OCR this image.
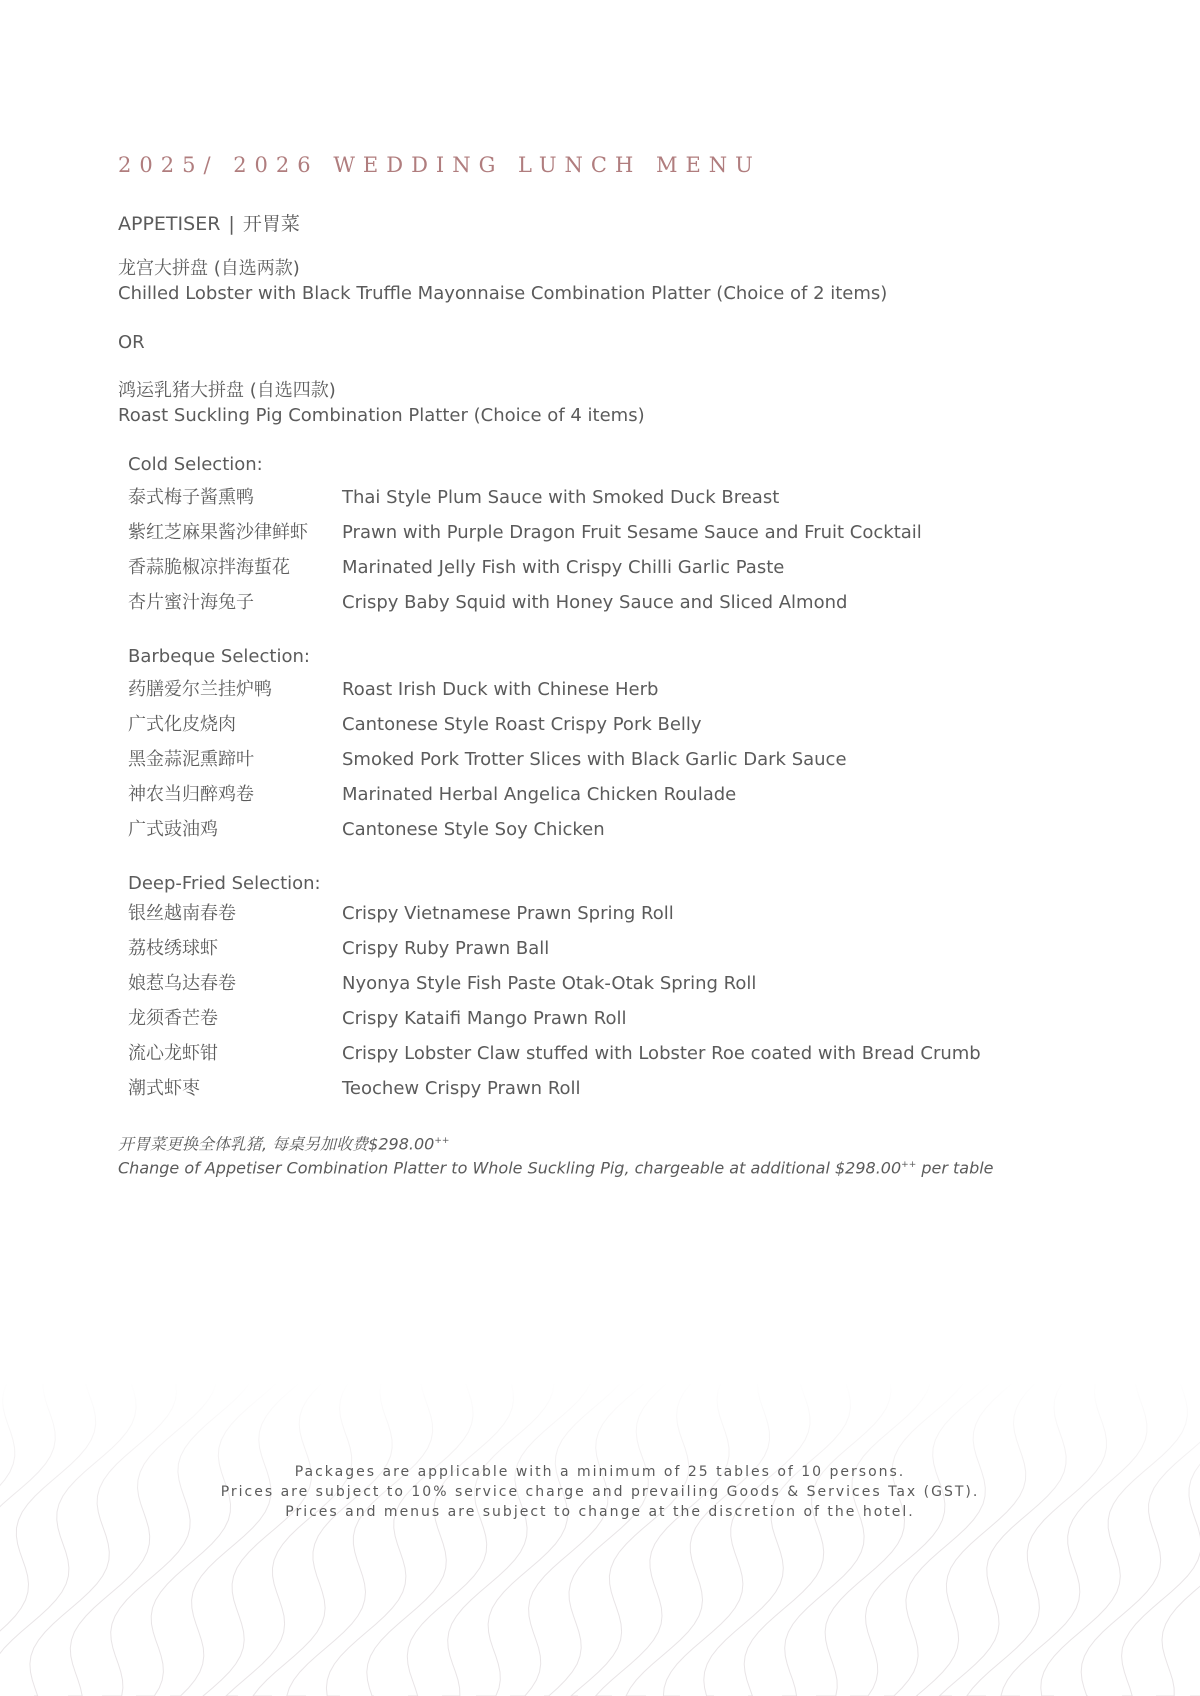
2025/ 2026 WEDDING LUNCH MENU
APPETISER | 开胃菜
龙宫大拼盘 (自选两款)
Chilled Lobster with Black Truffle Mayonnaise Combination Platter (Choice of 2 items)
OR
鸿运乳猪大拼盘 (自选四款)
Roast Suckling Pig Combination Platter (Choice of 4 items)
Cold Selection:
泰式梅子酱熏鸭	Thai Style Plum Sauce with Smoked Duck Breast
紫红芝麻果酱沙律鲜虾 Prawn with Purple Dragon Fruit Sesame Sauce and Fruit Cocktail
香蒜脆椒凉拌海蜇花	Marinated Jelly Fish with Crispy Chilli Garlic Paste
杏片蜜汁海兔子	Crispy Baby Squid with Honey Sauce and Sliced Almond
Barbeque Selection:
药膳爱尔兰挂炉鸭	Roast Irish Duck with Chinese Herb
广式化皮烧肉	Cantonese Style Roast Crispy Pork Belly
黑金蒜泥熏蹄叶	Smoked Pork Trotter Slices with Black Garlic Dark Sauce
神农当归醉鸡卷	Marinated Herbal Angelica Chicken Roulade
广式豉油鸡	Cantonese Style Soy Chicken
Deep-Fried Selection:
银丝越南春卷	Crispy Vietnamese Prawn Spring Roll
荔枝绣球虾	Crispy Ruby Prawn Ball
娘惹乌达春卷	Nyonya Style Fish Paste Otak-Otak Spring Roll
龙须香芒卷	Crispy Kataifi Mango Prawn Roll
流心龙虾钳	Crispy Lobster Claw stuffed with Lobster Roe coated with Bread Crumb
潮式虾枣	Teochew Crispy Prawn Roll
开胃菜更换全体乳猪, 每桌另加收费$298.00++
Change of Appetiser Combination Platter to Whole Suckling Pig, chargeable at additional $298.00++ per table
Packages are applicable with a minimum of 25 tables of 10 persons.
Prices are subject to 10% service charge and prevailing Goods & Services Tax (GST).
Prices and menus are subject to change at the discretion of the hotel.
